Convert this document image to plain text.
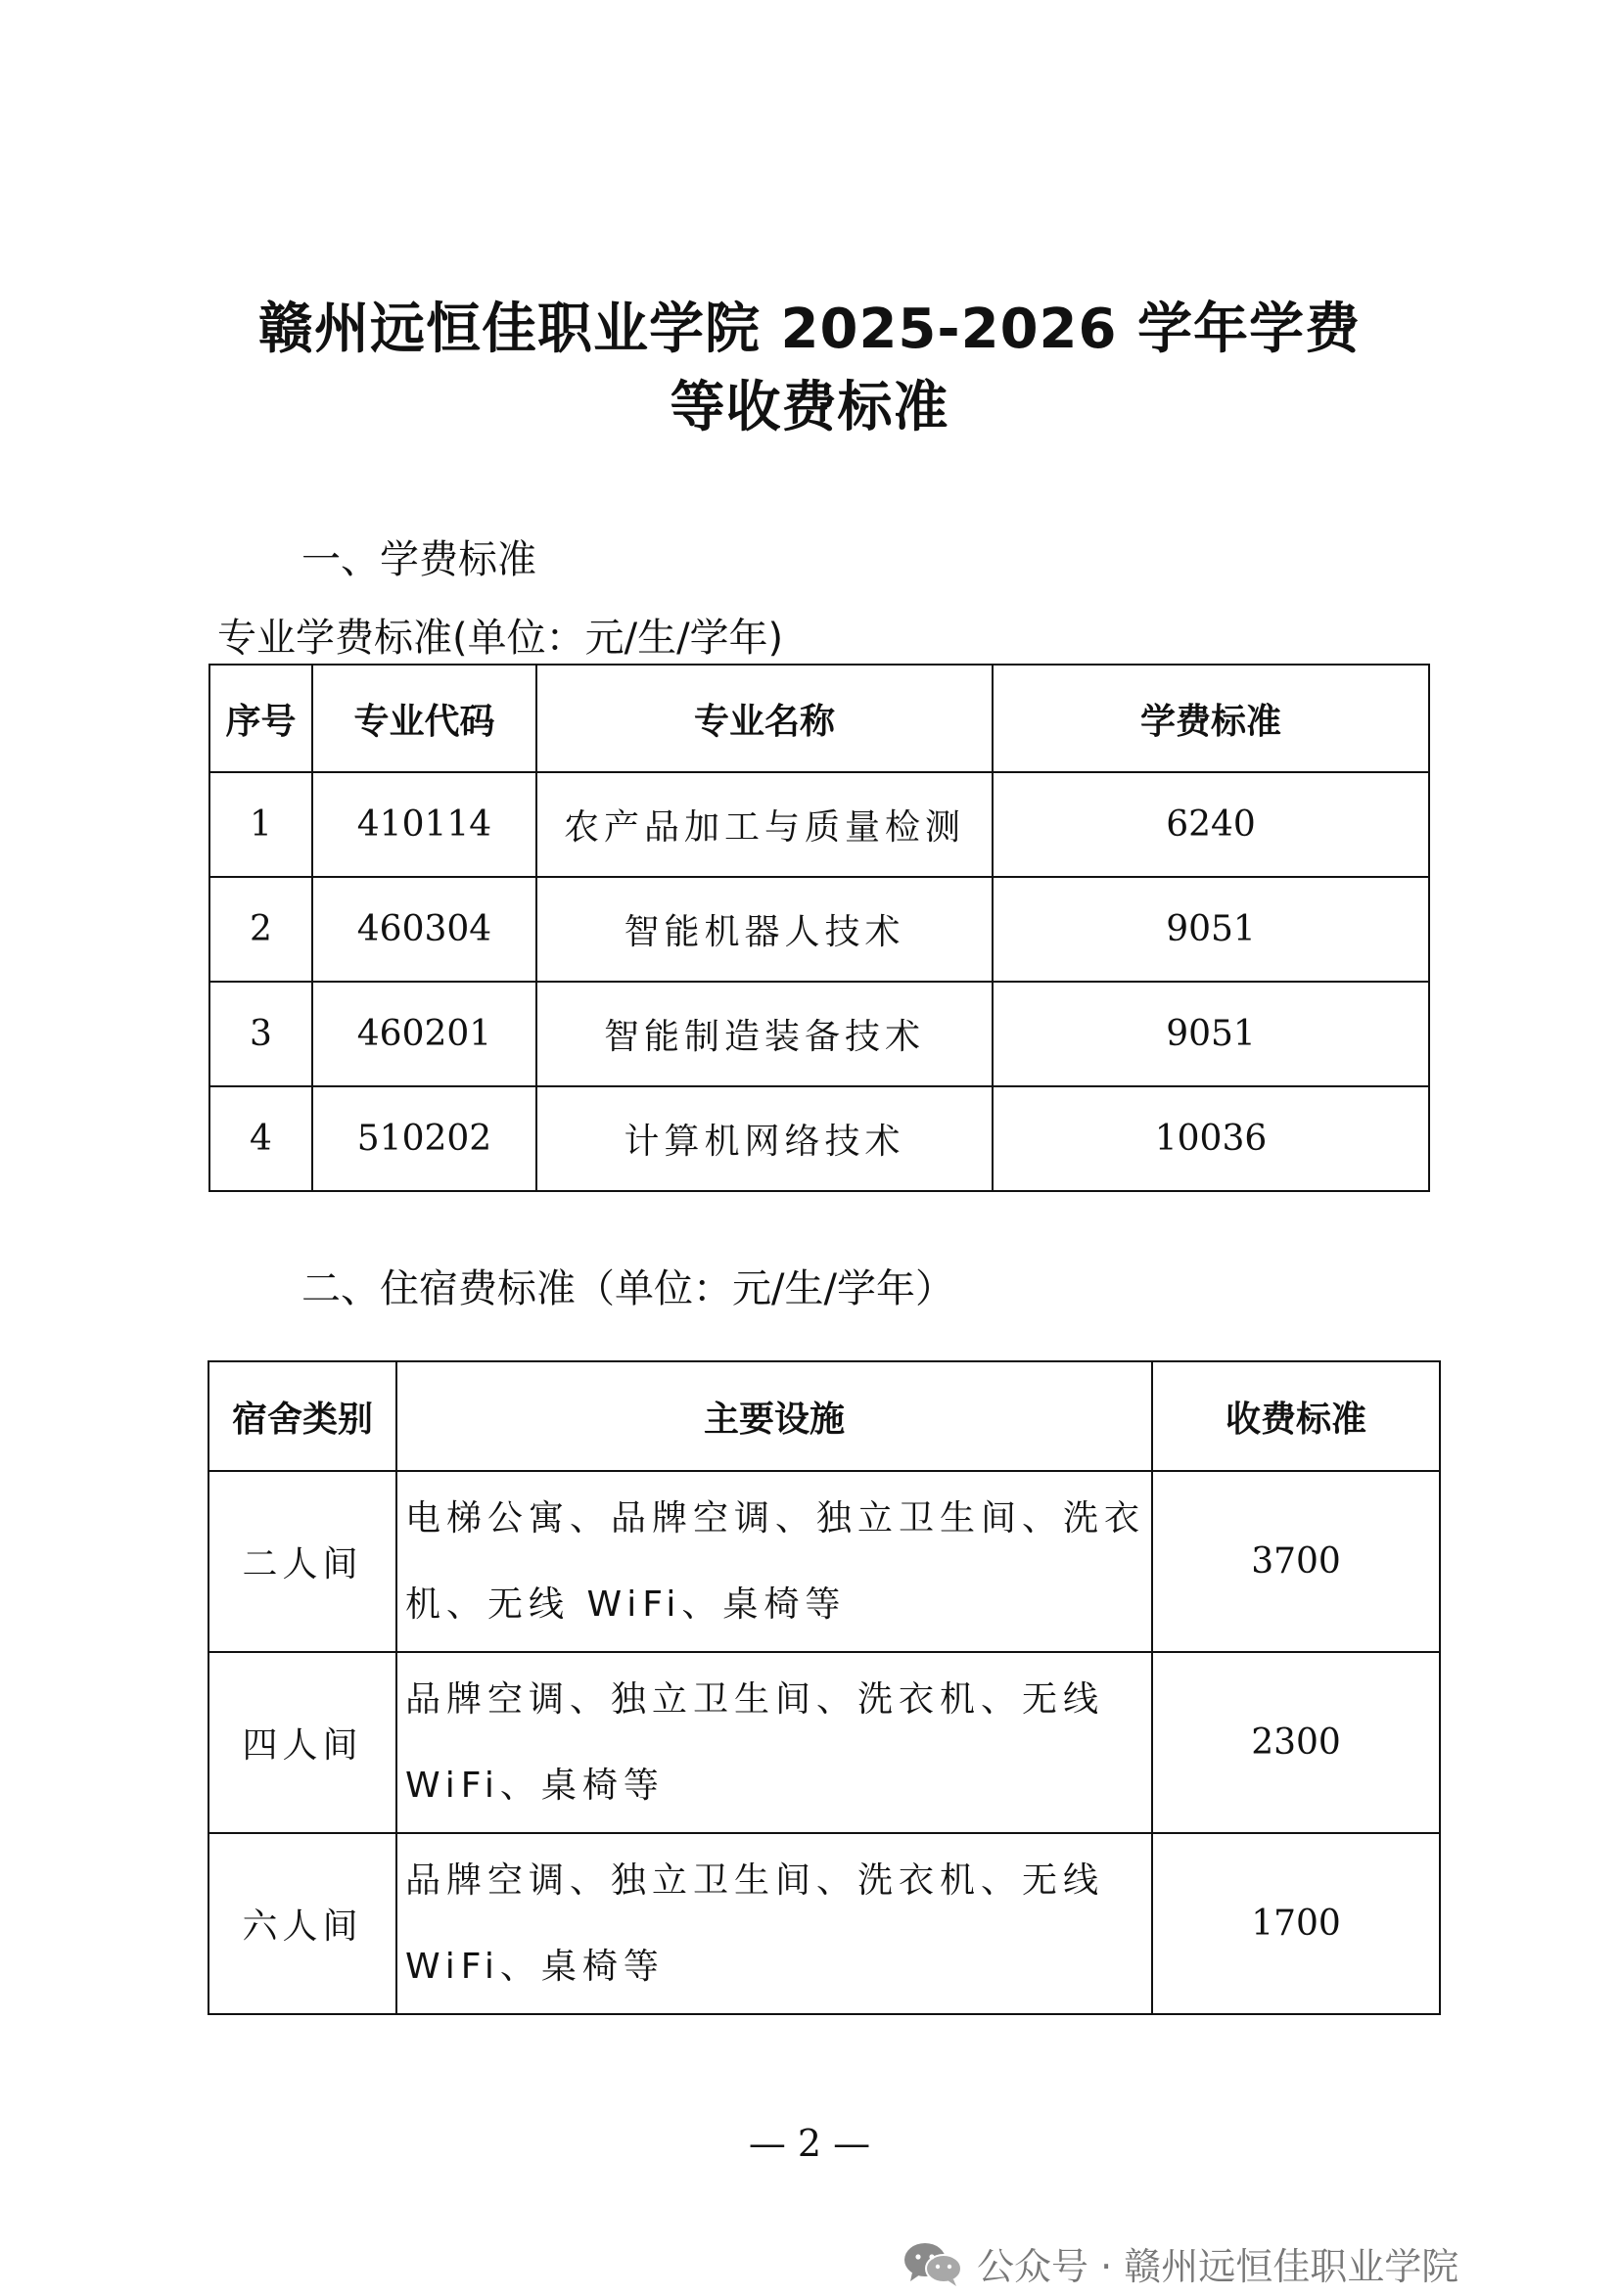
赣州远恒佳职业学院 2025-2026 学年学费
等收费标准
一、学费标准
专业学费标准(单位：元/生/学年)
序号	专业代码	专业名称	学费标准
1	410114	农产品加工与质量检测	6240
2	460304	智能机器人技术	9051
3	460201	智能制造装备技术	9051
4	510202	计算机网络技术	10036
二、住宿费标准（单位：元/生/学年）
宿舍类别	主要设施	收费标准
二人间	电梯公寓、品牌空调、独立卫生间、洗衣机、无线 WiFi、桌椅等	3700
四人间	品牌空调、独立卫生间、洗衣机、无线WiFi、桌椅等	2300
六人间	品牌空调、独立卫生间、洗衣机、无线WiFi、桌椅等	1700
— 2 —
公众号 · 赣州远恒佳职业学院
